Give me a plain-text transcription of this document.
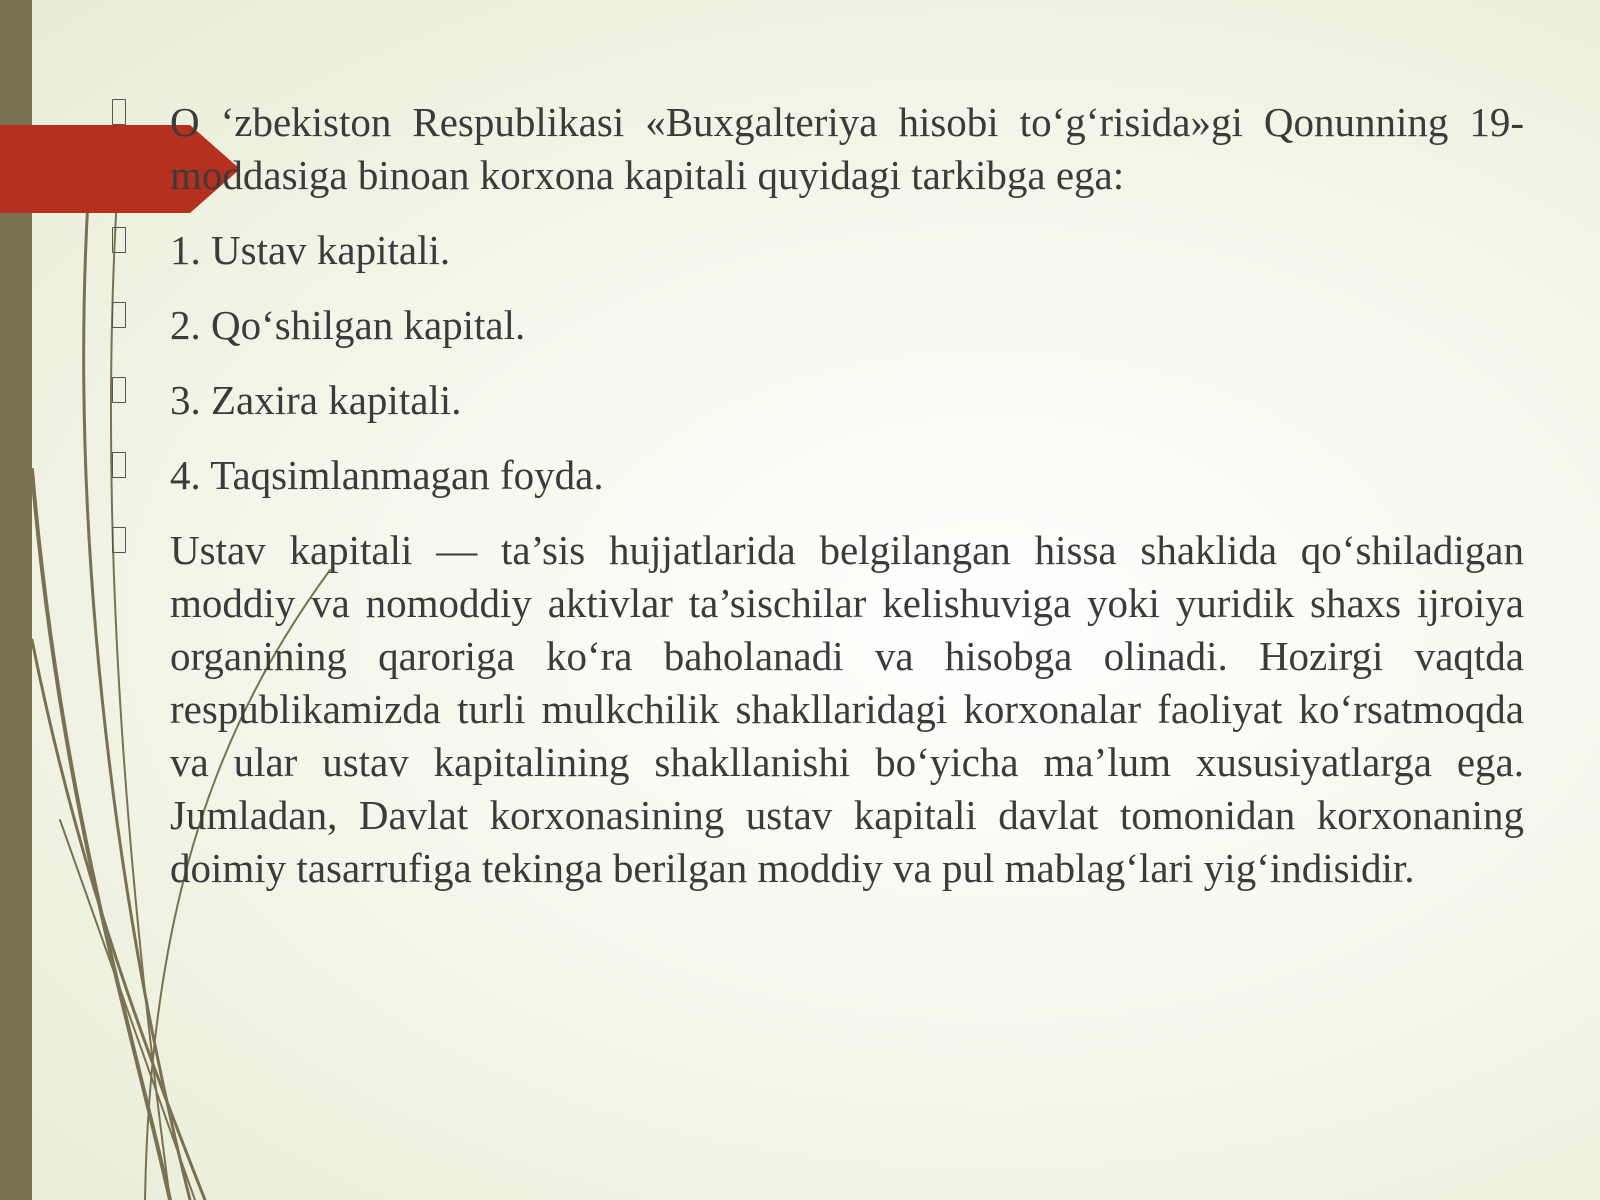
O ‘zbekiston Respublikasi «Buxgalteriya hisobi to‘g‘risida»gi Qonunning 19-moddasiga binoan korxona kapitali quyidagi tarkibga ega:
1. Ustav kapitali.
2. Qo‘shilgan kapital.
3. Zaxira kapitali.
4. Taqsimlanmagan foyda.
Ustav kapitali — ta’sis hujjatlarida belgilangan hissa shaklida qo‘shiladigan moddiy va nomoddiy aktivlar ta’sischilar kelishuviga yoki yuridik shaxs ijroiya organining qaroriga ko‘ra baholanadi va hisobga olinadi. Hozirgi vaqtda respublikamizda turli mulkchilik shakllaridagi korxonalar faoliyat ko‘rsatmoqda va ular ustav kapitalining shakllanishi bo‘yicha ma’lum xususiyatlarga ega. Jumladan, Davlat korxonasining ustav kapitali davlat tomonidan korxonaning doimiy tasarrufiga tekinga berilgan moddiy va pul mablag‘lari yig‘indisidir.
